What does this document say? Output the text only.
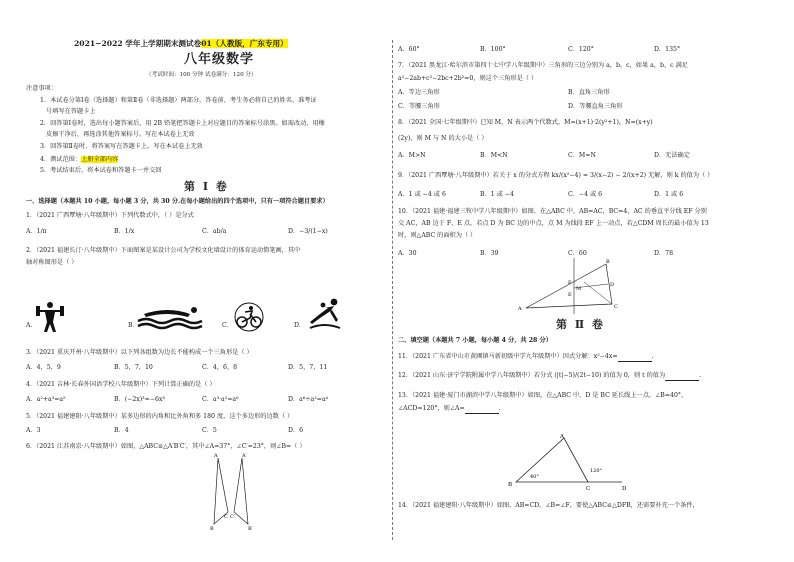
2021−2022 学年上学期期末测试卷01（人教版，广东专用）
八年级数学
（考试时间：100 分钟 试卷满分：120 分）
注意事项：
1．本试卷分第Ⅰ卷（选择题）和第Ⅱ卷（非选择题）两部分。答卷前，考生务必将自己的姓名、准考证
号填写在答题卡上
2．回答第Ⅰ卷时，选出每小题答案后，用 2B 铅笔把答题卡上对应题目的答案标号涂黑。如需改动，用橡
皮擦干净后，再选涂其他答案标号。写在本试卷上无效
3．回答第Ⅱ卷时，将答案写在答题卡上。写在本试卷上无效
4．测试范围：上册全部内容
5．考试结束后，将本试卷和答题卡一并交回
第 Ⅰ 卷
一、选择题（本题共 10 小题，每小题 3 分，共 30 分.在每小题给出的四个选项中，只有一项符合题目要求）
1．（2021 广西覃塘·八年级期中）下列代数式中，（ ）是分式
A．1/π	B．1/x	C．ab/a	D．−3/(1−x)
2．（2021 福建长汀·八年级期中）下面图案是某设计公司为学校文化墙设计的体育运动简笔画，其中
轴对称图形是（ ）
A．	B．	C．	D．
3．（2021 重庆开州·八年级期中）以下列各组数为边长不能构成一个三角形是（ ）
A．4，5，9	B．5，7，10	C．4，6，8	D．5，7，11
4．（2021 吉林·长春外国语学校八年级期中）下列计算正确的是（ ）
A．a²+a³=a⁵	B．(−2x)³=−6x³	C．a³·a²=a⁶	D．a⁶÷a²=a⁴
5．（2021 福建建阳·八年级期中）某多边形的内角和比外角和多 180 度，这个多边形的边数（ ）
A．3	B．4	C．5	D．6
6．（2021 江苏南京·八年级期中）如图，△ABC≌△A′B′C′，其中∠A=37°，∠C′=23°，则∠B=（ ）
A	A′
B	B′
C′
C
A．60°	B．100°	C．120°	D．135°
7．（2021 黑龙江·哈尔滨市第四十七中学八年级期中）三角形的三边分别为 a，b，c，如果 a，b，c 满足
a²−2ab+c²−2bc+2b²=0，则这个三角形是（ ）
A．等边三角形	B．直角三角形
C．等腰三角形	D．等腰直角三角形
8．（2021 全国·七年级期中）已知 M，N 表示两个代数式，M=(x+1)·2(y²+1)，N=(x+y)
(2y)，则 M 与 N 的大小是（ ）
A．M>N	B．M<N	C．M=N	D．无法确定
9．（2021 广西覃塘·八年级期中）若关于 x 的分式方程 kx/(x²−4) = 3/(x−2) − 2/(x+2) 无解，则 k 的值为（ ）
A．1 或 −4 或 6	B．1 或 −4	C．−4 或 6	D．1 或 6
10．（2021 福建·福建三牧中学八年级期中）如图，在△ABC 中，AB=AC，BC=4，AC 的垂直平分线 EF 分别
交 AC，AB 边于 F，E 点，若点 D 为 BC 边的中点，点 M 为线段 EF 上一动点，若△CDM 周长的最小值为 13
时，则△ABC 的面积为（ ）
A．30	B．39	C．60	D．78
A
B
C
D
E
F
M
第 Ⅱ 卷
二、填空题（本题共 7 小题，每小题 4 分，共 28 分）
11．（2021 广东省中山市黄圃镇马新初级中学九年级期中）因式分解：x²−4x=	.
12．（2021 山东·济宁学院附属中学八年级期中）若分式 (|t|−5)/(2t−10) 的值为 0，则 t 的值为	.
13．（2021 福建·厦门市湖滨中学八年级期中）如图，在△ABC 中，D 是 BC 延长线上一点，∠B=40°，
∠ACD=120°，则∠A=	.
B
A
C	D
40°
120°
14．（2021 福建建阳·八年级期中）如图，AB=CD，∠B=∠F，要使△ABC≌△DFB，还需要补充一个条件，
